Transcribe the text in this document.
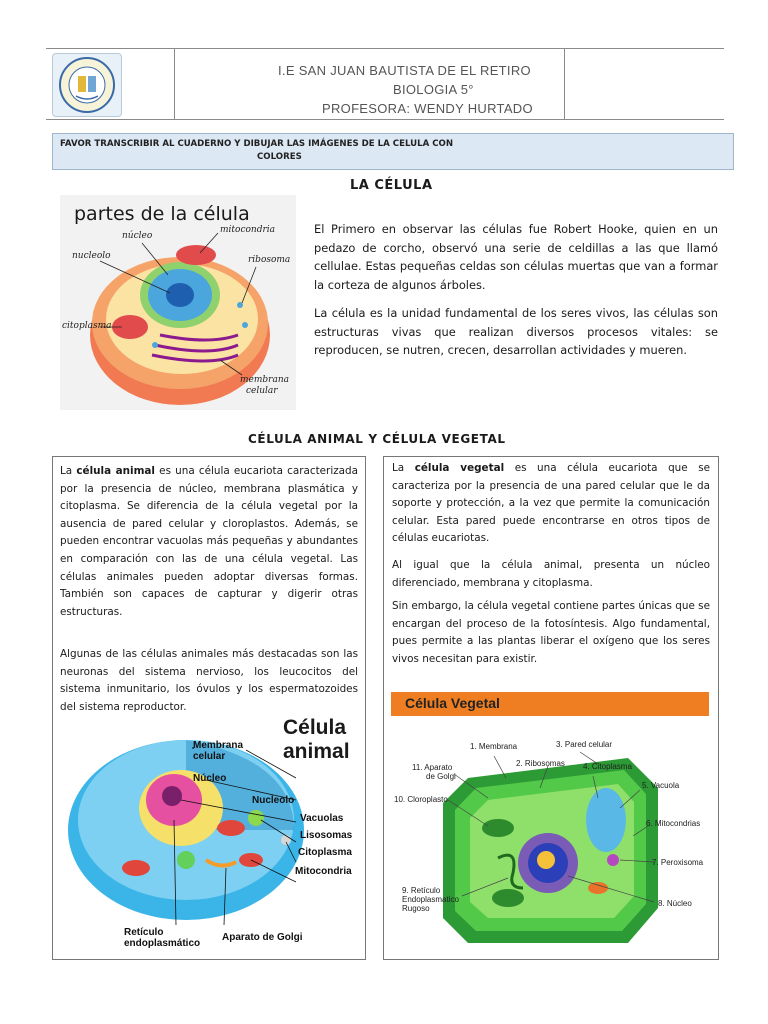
I.E SAN JUAN BAUTISTA DE EL RETIRO
BIOLOGIA 5°
PROFESORA: WENDY HURTADO
FAVOR TRANSCRIBIR AL CUADERNO Y DIBUJAR LAS IMÁGENES DE LA CELULA CON
COLORES
LA CÉLULA
partes de la célula
núcleo
mitocondria
nucleolo	ribosoma
citoplasma
membrana
celular
El Primero en observar las células fue Robert Hooke, quien en un pedazo de corcho, observó una serie de celdillas a las que llamó cellulae. Estas pequeñas celdas son células muertas que van a formar la corteza de algunos árboles.
La célula es la unidad fundamental de los seres vivos, las células son estructuras vivas que realizan diversos procesos vitales: se reproducen, se nutren, crecen, desarrollan actividades y mueren.
CÉLULA ANIMAL Y CÉLULA VEGETAL
La célula animal es una célula eucariota caracterizada por la presencia de núcleo, membrana plasmática y citoplasma. Se diferencia de la célula vegetal por la ausencia de pared celular y cloroplastos. Además, se pueden encontrar vacuolas más pequeñas y abundantes en comparación con las de una célula vegetal. Las células animales pueden adoptar diversas formas. También son capaces de capturar y digerir otras estructuras.
Algunas de las células animales más destacadas son las neuronas del sistema nervioso, los leucocitos del sistema inmunitario, los óvulos y los espermatozoides del sistema reproductor.
Célula
animal
Membrana
celular
Núcleo
Nucleolo
Vacuolas
Lisosomas
Citoplasma
Mitocondria
Retículo
endoplasmático
Aparato de Golgi
La célula vegetal es una célula eucariota que se caracteriza por la presencia de una pared celular que le da soporte y protección, a la vez que permite la comunicación celular. Esta pared puede encontrarse en otros tipos de células eucariotas.
Al igual que la célula animal, presenta un núcleo diferenciado, membrana y citoplasma.
Sin embargo, la célula vegetal contiene partes únicas que se encargan del proceso de la fotosíntesis. Algo fundamental, pues permite a las plantas liberar el oxígeno que los seres vivos necesitan para existir.
Célula Vegetal
1. Membrana	3. Pared celular
2. Ribosomas 4. Citoplasma
11. Aparato
de Golgi
5. Vacuola
10. Cloroplasto
6. Mitocondrias
7. Peroxisoma
9. Retículo
Endoplasmatico
Rugoso
8. Núcleo
